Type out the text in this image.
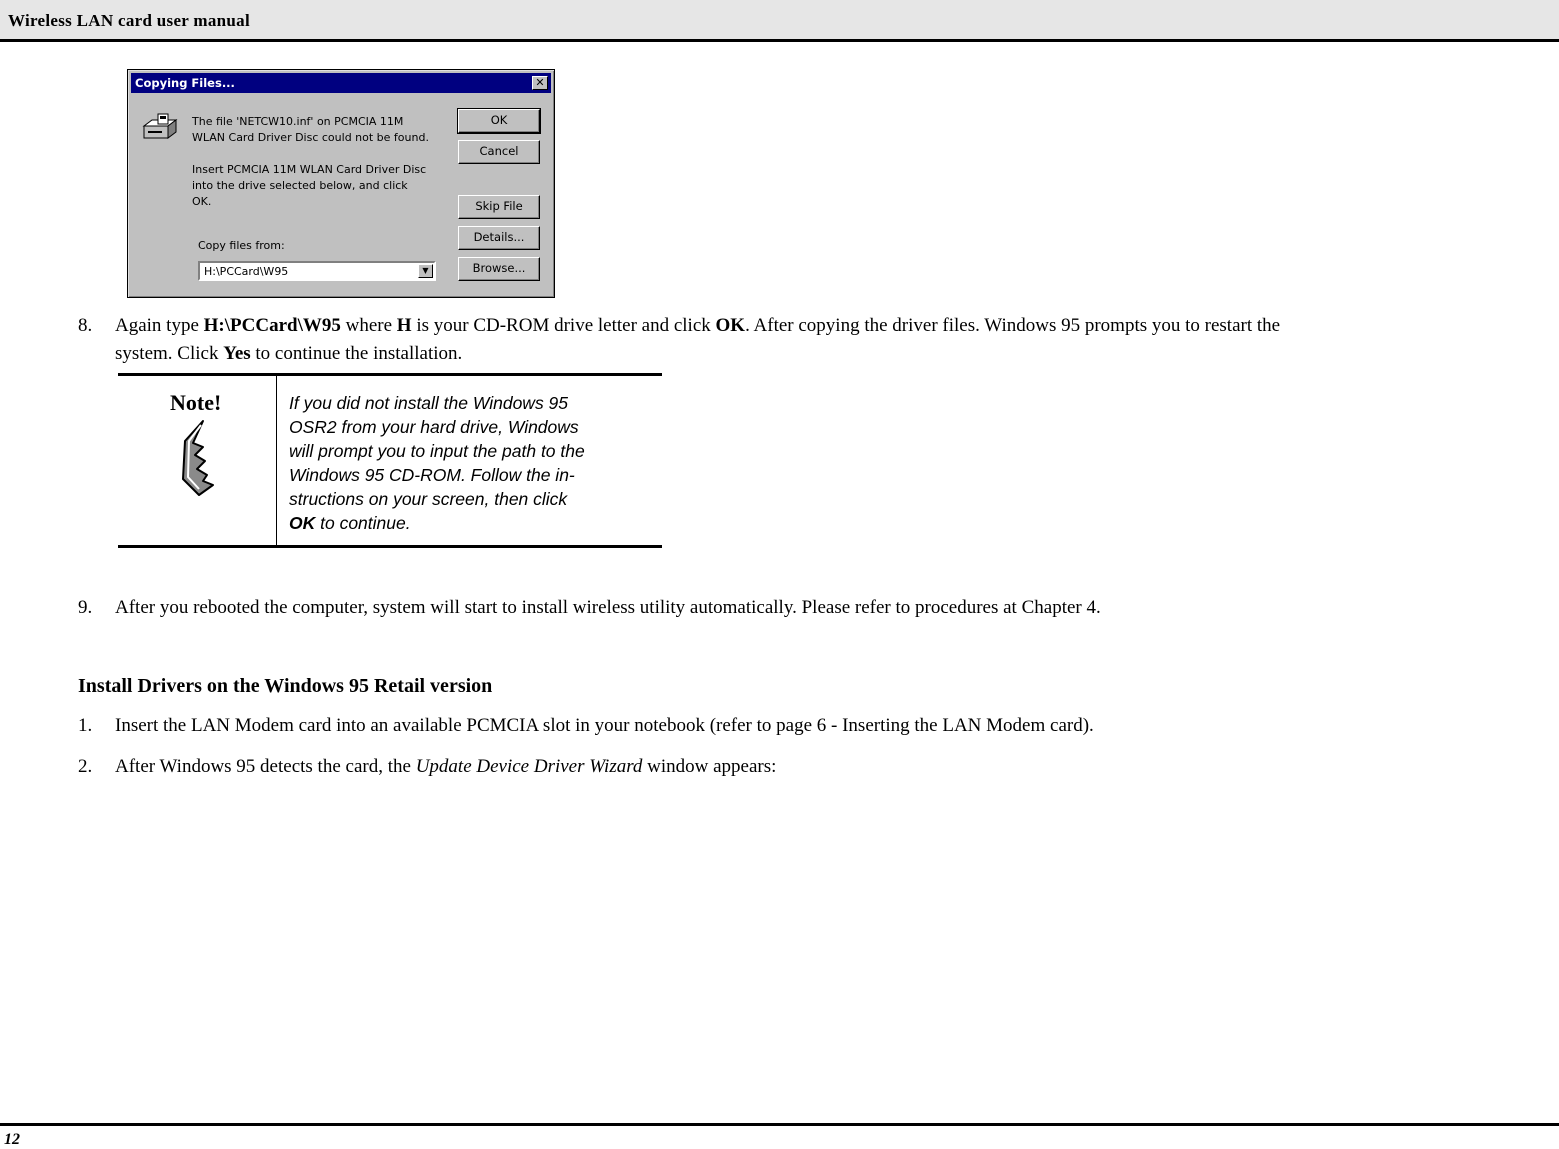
Wireless LAN card user manual
Copying Files...	✕

The file 'NETCW10.inf' on PCMCIA 11M
WLAN Card Driver Disc could not be found.

Insert PCMCIA 11M WLAN Card Driver Disc
into the drive selected below, and click
OK.

Copy files from:
H:\PCCard\W95	▼
OK
Cancel
Skip File
Details...
Browse...
8. Again type H:\PCCard\W95 where H is your CD-ROM drive letter and click OK. After copying the driver files. Windows 95 prompts you to restart the
system. Click Yes to continue the installation.
Note!	If you did not install the Windows 95
OSR2 from your hard drive, Windows
will prompt you to input the path to the
Windows 95 CD-ROM. Follow the in-
structions on your screen, then click
OK to continue.
9. After you rebooted the computer, system will start to install wireless utility automatically. Please refer to procedures at Chapter 4.
Install Drivers on the Windows 95 Retail version
1. Insert the LAN Modem card into an available PCMCIA slot in your notebook (refer to page 6 - Inserting the LAN Modem card).
2. After Windows 95 detects the card, the Update Device Driver Wizard window appears:
12
